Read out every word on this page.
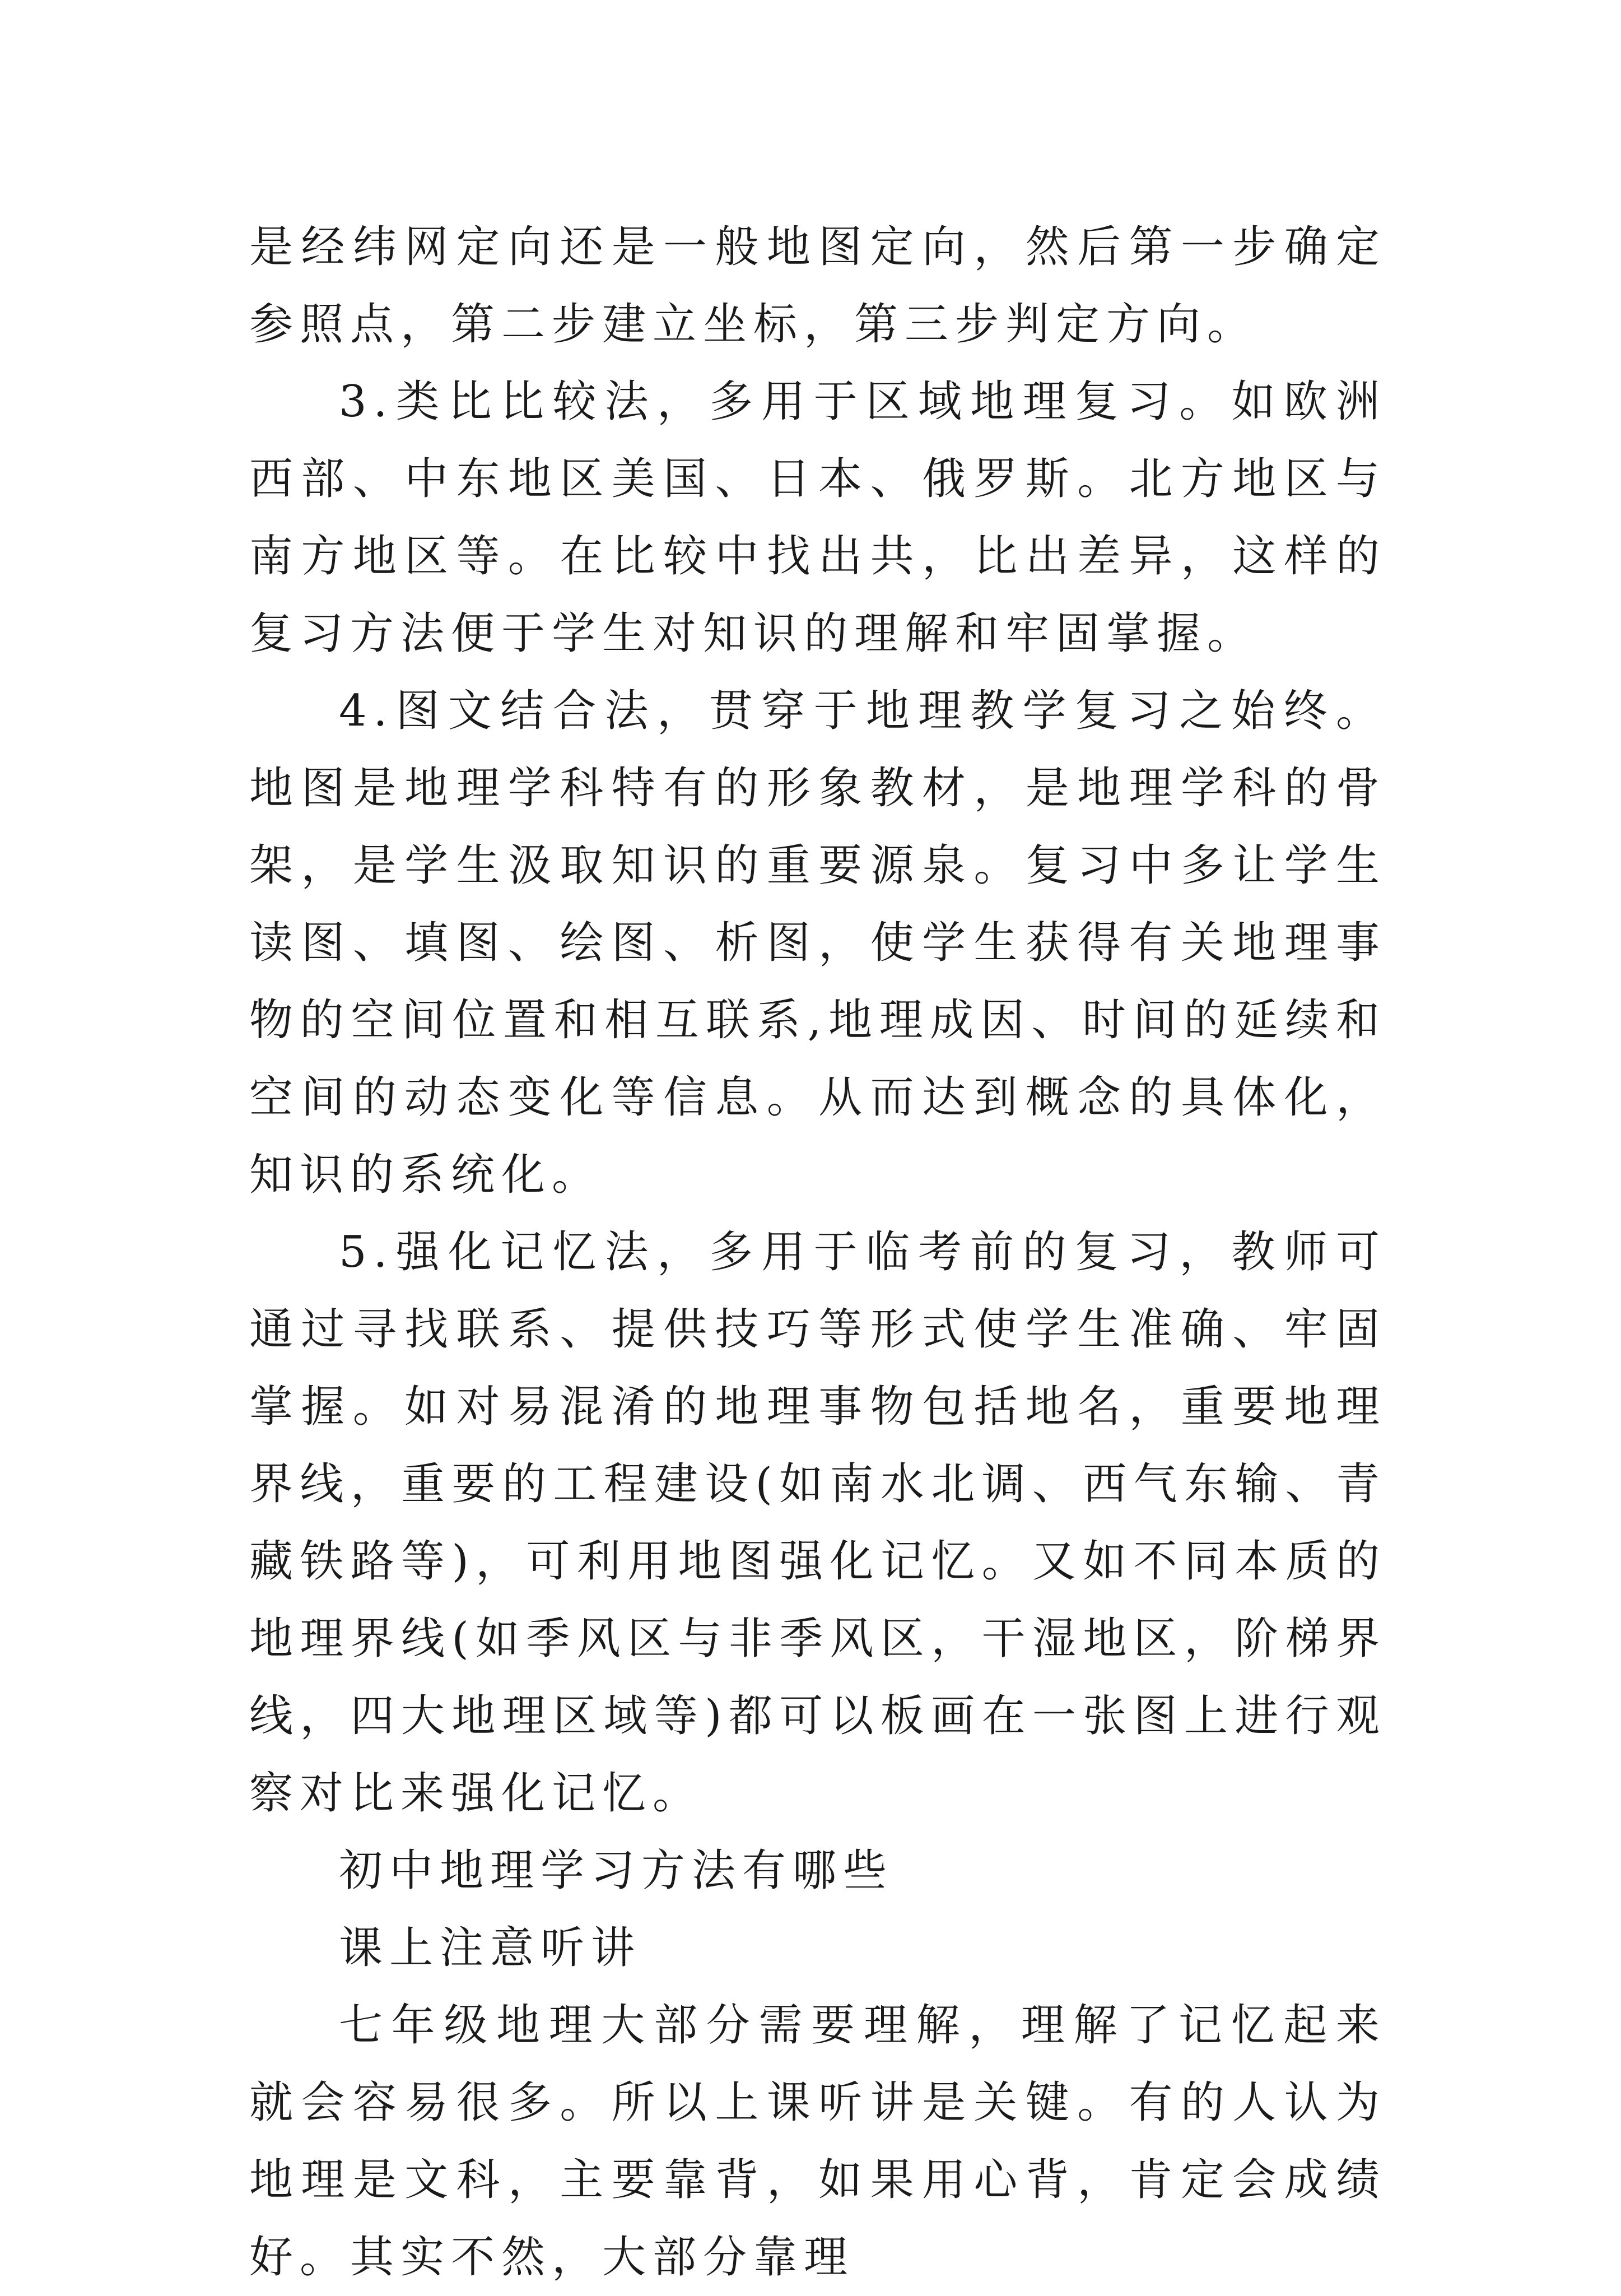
是经纬网定向还是一般地图定向，然后第一步确定参照点，第二步建立坐标，第三步判定方向。

3.类比比较法，多用于区域地理复习。如欧洲西部、中东地区美国、日本、俄罗斯。北方地区与南方地区等。在比较中找出共，比出差异，这样的复习方法便于学生对知识的理解和牢固掌握。

4.图文结合法，贯穿于地理教学复习之始终。地图是地理学科特有的形象教材，是地理学科的骨架，是学生汲取知识的重要源泉。复习中多让学生读图、填图、绘图、析图，使学生获得有关地理事物的空间位置和相互联系,地理成因、时间的延续和空间的动态变化等信息。从而达到概念的具体化，知识的系统化。

5.强化记忆法，多用于临考前的复习，教师可通过寻找联系、提供技巧等形式使学生准确、牢固掌握。如对易混淆的地理事物包括地名，重要地理界线，重要的工程建设(如南水北调、西气东输、青藏铁路等)，可利用地图强化记忆。又如不同本质的地理界线(如季风区与非季风区，干湿地区，阶梯界线，四大地理区域等)都可以板画在一张图上进行观察对比来强化记忆。

初中地理学习方法有哪些

课上注意听讲

七年级地理大部分需要理解，理解了记忆起来就会容易很多。所以上课听讲是关键。有的人认为地理是文科，主要靠背，如果用心背，肯定会成绩好。其实不然，大部分靠理
